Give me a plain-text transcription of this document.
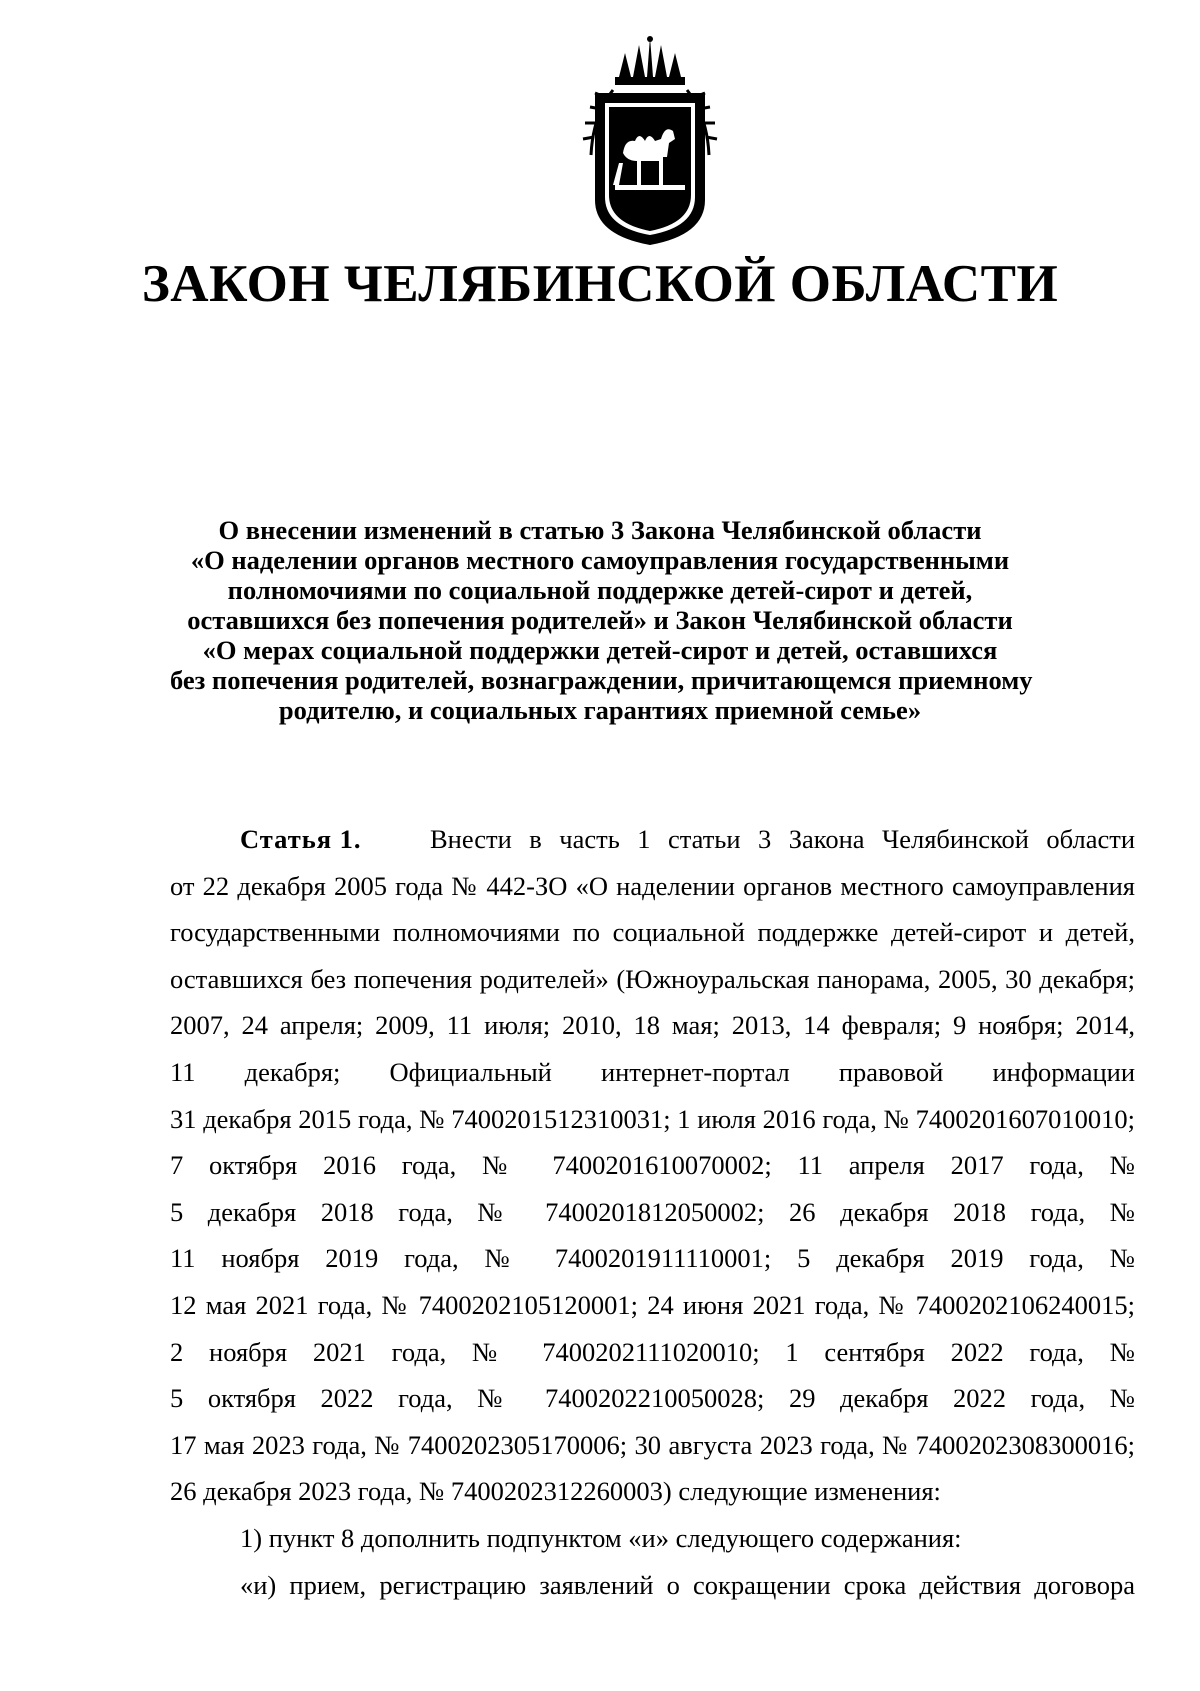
ЗАКОН ЧЕЛЯБИНСКОЙ ОБЛАСТИ
О внесении изменений в статью 3 Закона Челябинской области
«О наделении органов местного самоуправления государственными
полномочиями по социальной поддержке детей-сирот и детей,
оставшихся без попечения родителей» и Закон Челябинской области
«О мерах социальной поддержки детей-сирот и детей, оставшихся
без попечения родителей, вознаграждении, причитающемся приемному
родителю, и социальных гарантиях приемной семье»
Статья 1.	Внести в часть 1 статьи 3 Закона Челябинской области
от 22 декабря 2005 года № 442-ЗО «О наделении органов местного самоуправления
государственными полномочиями по социальной поддержке детей-сирот и детей,
оставшихся без попечения родителей» (Южноуральская панорама, 2005, 30 декабря;
2007, 24 апреля; 2009, 11 июля; 2010, 18 мая; 2013, 14 февраля; 9 ноября; 2014,
11 декабря; Официальный интернет-портал правовой информации
31 декабря 2015 года, № 7400201512310031; 1 июля 2016 года, № 7400201607010010;
7 октября 2016 года, № 7400201610070002; 11 апреля 2017 года, №
5 декабря 2018 года, № 7400201812050002; 26 декабря 2018 года, №
11 ноября 2019 года, № 7400201911110001; 5 декабря 2019 года, №
12 мая 2021 года, № 7400202105120001; 24 июня 2021 года, № 7400202106240015;
2 ноября 2021 года, № 7400202111020010; 1 сентября 2022 года, №
5 октября 2022 года, № 7400202210050028; 29 декабря 2022 года, №
17 мая 2023 года, № 7400202305170006; 30 августа 2023 года, № 7400202308300016;
26 декабря 2023 года, № 7400202312260003) следующие изменения:
1) пункт 8 дополнить подпунктом «и» следующего содержания:
«и) прием, регистрацию заявлений о сокращении срока действия договора
